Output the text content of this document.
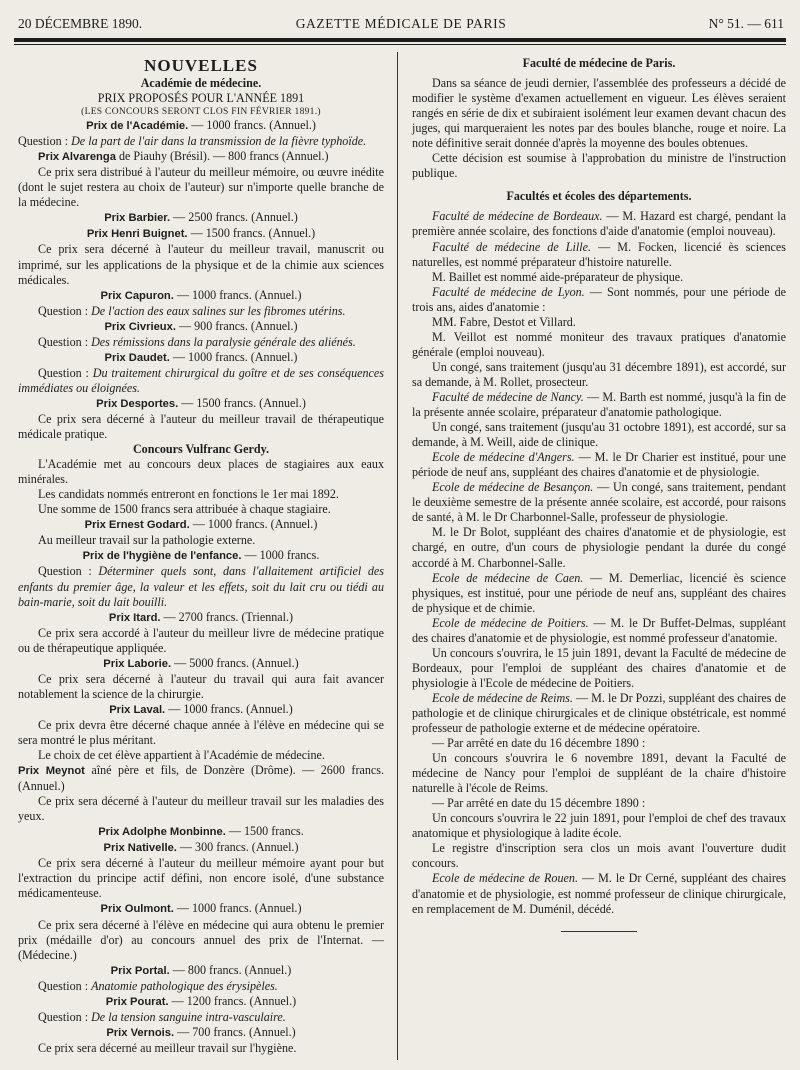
20 DÉCEMBRE 1890.	GAZETTE MÉDICALE DE PARIS	N° 51. — 611
NOUVELLES
Académie de médecine.
PRIX PROPOSÉS POUR L'ANNÉE 1891
(LES CONCOURS SERONT CLOS FIN FÉVRIER 1891.)
Prix de l'Académie. — 1000 francs. (Annuel.)

Question : De la part de l'air dans la transmission de la fièvre typhoïde.

Prix Alvarenga de Piauhy (Brésil). — 800 francs (Annuel.)

Ce prix sera distribué à l'auteur du meilleur mémoire, ou œuvre inédite (dont le sujet restera au choix de l'auteur) sur n'importe quelle branche de la médecine.

Prix Barbier. — 2500 francs. (Annuel.)
Prix Henri Buignet. — 1500 francs. (Annuel.)

Ce prix sera décerné à l'auteur du meilleur travail, manuscrit ou imprimé, sur les applications de la physique et de la chimie aux sciences médicales.

Prix Capuron. — 1000 francs. (Annuel.)

Question : De l'action des eaux salines sur les fibromes utérins.

Prix Civrieux. — 900 francs. (Annuel.)

Question : Des rémissions dans la paralysie générale des aliénés.

Prix Daudet. — 1000 francs. (Annuel.)

Question : Du traitement chirurgical du goître et de ses conséquences immédiates ou éloignées.

Prix Desportes. — 1500 francs. (Annuel.)

Ce prix sera décerné à l'auteur du meilleur travail de thérapeutique médicale pratique.

Concours Vulfranc Gerdy.

L'Académie met au concours deux places de stagiaires aux eaux minérales.

Les candidats nommés entreront en fonctions le 1er mai 1892.

Une somme de 1500 francs sera attribuée à chaque stagiaire.

Prix Ernest Godard. — 1000 francs. (Annuel.)

Au meilleur travail sur la pathologie externe.

Prix de l'hygiène de l'enfance. — 1000 francs.

Question : Déterminer quels sont, dans l'allaitement artificiel des enfants du premier âge, la valeur et les effets, soit du lait cru ou tiédi au bain-marie, soit du lait bouilli.

Prix Itard. — 2700 francs. (Triennal.)

Ce prix sera accordé à l'auteur du meilleur livre de médecine pratique ou de thérapeutique appliquée.

Prix Laborie. — 5000 francs. (Annuel.)

Ce prix sera décerné à l'auteur du travail qui aura fait avancer notablement la science de la chirurgie.

Prix Laval. — 1000 francs. (Annuel.)

Ce prix devra être décerné chaque année à l'élève en médecine qui se sera montré le plus méritant.

Le choix de cet élève appartient à l'Académie de médecine.

Prix Meynot aîné père et fils, de Donzère (Drôme). — 2600 francs. (Annuel.)

Ce prix sera décerné à l'auteur du meilleur travail sur les maladies des yeux.

Prix Adolphe Monbinne. — 1500 francs.
Prix Nativelle. — 300 francs. (Annuel.)

Ce prix sera décerné à l'auteur du meilleur mémoire ayant pour but l'extraction du principe actif défini, non encore isolé, d'une substance médicamenteuse.

Prix Oulmont. — 1000 francs. (Annuel.)

Ce prix sera décerné à l'élève en médecine qui aura obtenu le premier prix (médaille d'or) au concours annuel des prix de l'Internat. — (Médecine.)

Prix Portal. — 800 francs. (Annuel.)

Question : Anatomie pathologique des érysipèles.

Prix Pourat. — 1200 francs. (Annuel.)

Question : De la tension sanguine intra-vasculaire.

Prix Vernois. — 700 francs. (Annuel.)

Ce prix sera décerné au meilleur travail sur l'hygiène.

Faculté de médecine de Paris.

Dans sa séance de jeudi dernier, l'assemblée des professeurs a décidé de modifier le système d'examen actuellement en vigueur. Les élèves seraient rangés en série de dix et subiraient isolément leur examen devant chacun des juges, qui marqueraient les notes par des boules blanche, rouge et noire. La note définitive serait donnée d'après la moyenne des boules obtenues.

Cette décision est soumise à l'approbation du ministre de l'instruction publique.

Facultés et écoles des départements.

Faculté de médecine de Bordeaux. — M. Hazard est chargé, pendant la première année scolaire, des fonctions d'aide d'anatomie (emploi nouveau).

Faculté de médecine de Lille. — M. Focken, licencié ès sciences naturelles, est nommé préparateur d'histoire naturelle.

M. Baillet est nommé aide-préparateur de physique.

Faculté de médecine de Lyon. — Sont nommés, pour une période de trois ans, aides d'anatomie :

MM. Fabre, Destot et Villard.

M. Veillot est nommé moniteur des travaux pratiques d'anatomie générale (emploi nouveau).

Un congé, sans traitement (jusqu'au 31 décembre 1891), est accordé, sur sa demande, à M. Rollet, prosecteur.

Faculté de médecine de Nancy. — M. Barth est nommé, jusqu'à la fin de la présente année scolaire, préparateur d'anatomie pathologique.

Un congé, sans traitement (jusqu'au 31 octobre 1891), est accordé, sur sa demande, à M. Weill, aide de clinique.

Ecole de médecine d'Angers. — M. le Dr Charier est institué, pour une période de neuf ans, suppléant des chaires d'anatomie et de physiologie.

Ecole de médecine de Besançon. — Un congé, sans traitement, pendant le deuxième semestre de la présente année scolaire, est accordé, pour raisons de santé, à M. le Dr Charbonnel-Salle, professeur de physiologie.

M. le Dr Bolot, suppléant des chaires d'anatomie et de physiologie, est chargé, en outre, d'un cours de physiologie pendant la durée du congé accordé à M. Charbonnel-Salle.

Ecole de médecine de Caen. — M. Demerliac, licencié ès science physiques, est institué, pour une période de neuf ans, suppléant des chaires de physique et de chimie.

Ecole de médecine de Poitiers. — M. le Dr Buffet-Delmas, suppléant des chaires d'anatomie et de physiologie, est nommé professeur d'anatomie.

Un concours s'ouvrira, le 15 juin 1891, devant la Faculté de médecine de Bordeaux, pour l'emploi de suppléant des chaires d'anatomie et de physiologie à l'Ecole de médecine de Poitiers.

Ecole de médecine de Reims. — M. le Dr Pozzi, suppléant des chaires de pathologie et de clinique chirurgicales et de clinique obstétricale, est nommé professeur de pathologie externe et de médecine opératoire.

— Par arrêté en date du 16 décembre 1890 :

Un concours s'ouvrira le 6 novembre 1891, devant la Faculté de médecine de Nancy pour l'emploi de suppléant de la chaire d'histoire naturelle à l'école de Reims.

— Par arrêté en date du 15 décembre 1890 :

Un concours s'ouvrira le 22 juin 1891, pour l'emploi de chef des travaux anatomique et physiologique à ladite école.

Le registre d'inscription sera clos un mois avant l'ouverture dudit concours.

Ecole de médecine de Rouen. — M. le Dr Cerné, suppléant des chaires d'anatomie et de physiologie, est nommé professeur de clinique chirurgicale, en remplacement de M. Duménil, décédé.
